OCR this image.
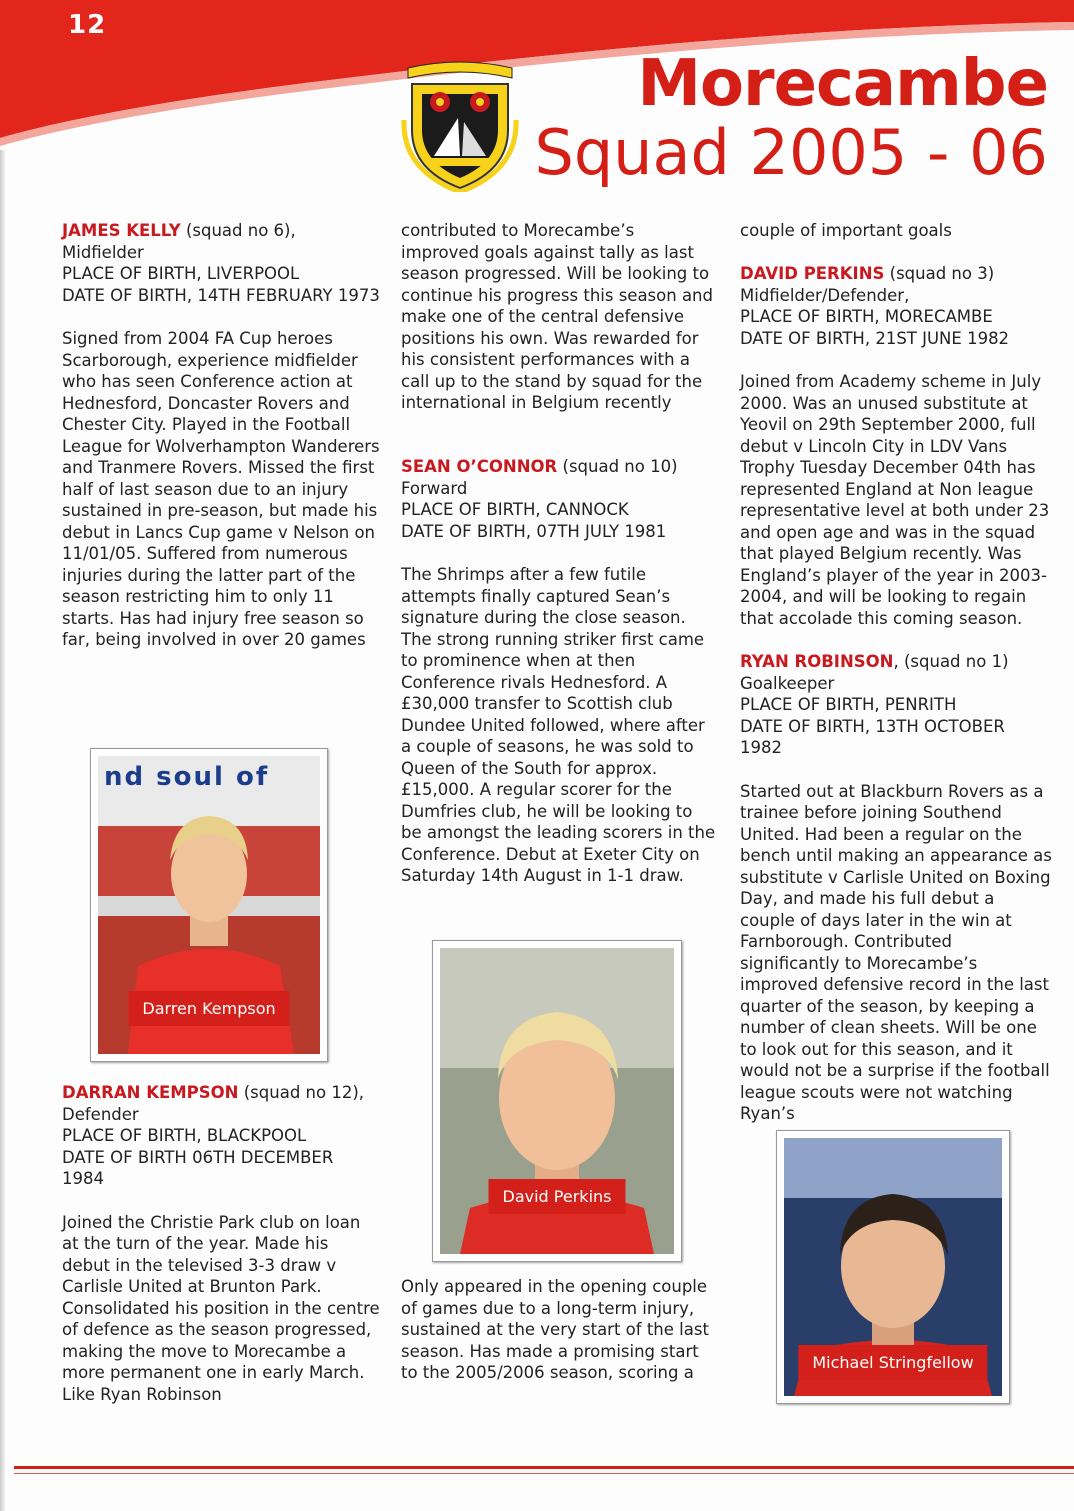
12
Morecambe
Squad 2005 - 06

JAMES KELLY (squad no 6), Midfielder

PLACE OF BIRTH, LIVERPOOL

DATE OF BIRTH, 14TH FEBRUARY 1973

Signed from 2004 FA Cup heroes Scarborough, experience midfielder who has seen Conference action at Hednesford, Doncaster Rovers and Chester City. Played in the Football League for Wolverhampton Wanderers and Tranmere Rovers. Missed the first half of last season due to an injury sustained in pre-season, but made his debut in Lancs Cup game v Nelson on 11/01/05. Suffered from numerous injuries during the latter part of the season restricting him to only 11 starts. Has had injury free season so far, being involved in over 20 games

nd soul of
Darren Kempson

DARRAN KEMPSON (squad no 12),

Defender

PLACE OF BIRTH, BLACKPOOL

DATE OF BIRTH 06TH DECEMBER 1984

Joined the Christie Park club on loan at the turn of the year. Made his debut in the televised 3-3 draw v Carlisle United at Brunton Park. Consolidated his position in the centre of defence as the season progressed, making the move to Morecambe a more permanent one in early March. Like Ryan Robinson

contributed to Morecambe’s improved goals against tally as last season progressed. Will be looking to continue his progress this season and make one of the central defensive positions his own. Was rewarded for his consistent performances with a call up to the stand by squad for the international in Belgium recently

SEAN O’CONNOR (squad no 10)

Forward

PLACE OF BIRTH, CANNOCK

DATE OF BIRTH, 07TH JULY 1981

The Shrimps after a few futile attempts finally captured Sean’s signature during the close season. The strong running striker first came to prominence when at then Conference rivals Hednesford. A £30,000 transfer to Scottish club Dundee United followed, where after a couple of seasons, he was sold to Queen of the South for approx. £15,000. A regular scorer for the Dumfries club, he will be looking to be amongst the leading scorers in the Conference. Debut at Exeter City on Saturday 14th August in 1-1 draw.

David Perkins

Only appeared in the opening couple of games due to a long-term injury, sustained at the very start of the last season. Has made a promising start to the 2005/2006 season, scoring a

couple of important goals

DAVID PERKINS (squad no 3)

Midfielder/Defender,

PLACE OF BIRTH, MORECAMBE

DATE OF BIRTH, 21ST JUNE 1982

Joined from Academy scheme in July 2000. Was an unused substitute at Yeovil on 29th September 2000, full debut v Lincoln City in LDV Vans Trophy Tuesday December 04th has represented England at Non league representative level at both under 23 and open age and was in the squad that played Belgium recently. Was England’s player of the year in 2003-2004, and will be looking to regain that accolade this coming season.

RYAN ROBINSON, (squad no 1)

Goalkeeper

PLACE OF BIRTH, PENRITH

DATE OF BIRTH, 13TH OCTOBER 1982

Started out at Blackburn Rovers as a trainee before joining Southend United. Had been a regular on the bench until making an appearance as substitute v Carlisle United on Boxing Day, and made his full debut a couple of days later in the win at Farnborough. Contributed significantly to Morecambe’s improved defensive record in the last quarter of the season, by keeping a number of clean sheets. Will be one to look out for this season, and it would not be a surprise if the football league scouts were not watching Ryan’s

Michael Stringfellow
